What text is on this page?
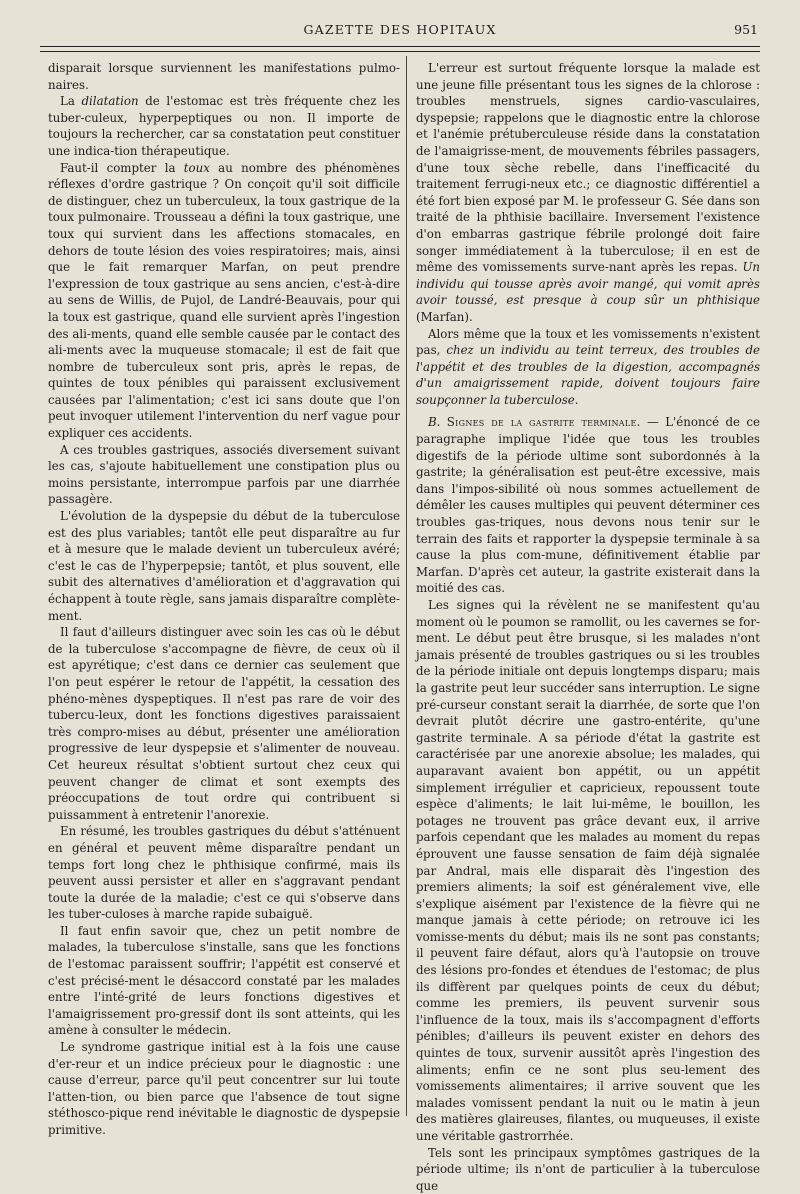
GAZETTE DES HOPITAUX	951

disparait lorsque surviennent les manifestations pulmo-naires.

La dilatation de l'estomac est très fréquente chez les tuber-culeux, hyperpeptiques ou non. Il importe de toujours la rechercher, car sa constatation peut constituer une indica-tion thérapeutique.

Faut-il compter la toux au nombre des phénomènes réflexes d'ordre gastrique ? On conçoit qu'il soit difficile de distinguer, chez un tuberculeux, la toux gastrique de la toux pulmonaire. Trousseau a défini la toux gastrique, une toux qui survient dans les affections stomacales, en dehors de toute lésion des voies respiratoires; mais, ainsi que le fait remarquer Marfan, on peut prendre l'expression de toux gastrique au sens ancien, c'est-à-dire au sens de Willis, de Pujol, de Landré-Beauvais, pour qui la toux est gastrique, quand elle survient après l'ingestion des ali-ments, quand elle semble causée par le contact des ali-ments avec la muqueuse stomacale; il est de fait que nombre de tuberculeux sont pris, après le repas, de quintes de toux pénibles qui paraissent exclusivement causées par l'alimentation; c'est ici sans doute que l'on peut invoquer utilement l'intervention du nerf vague pour expliquer ces accidents.

A ces troubles gastriques, associés diversement suivant les cas, s'ajoute habituellement une constipation plus ou moins persistante, interrompue parfois par une diarrhée passagère.

L'évolution de la dyspepsie du début de la tuberculose est des plus variables; tantôt elle peut disparaître au fur et à mesure que le malade devient un tuberculeux avéré; c'est le cas de l'hyperpepsie; tantôt, et plus souvent, elle subit des alternatives d'amélioration et d'aggravation qui échappent à toute règle, sans jamais disparaître complète-ment.

Il faut d'ailleurs distinguer avec soin les cas où le début de la tuberculose s'accompagne de fièvre, de ceux où il est apyrétique; c'est dans ce dernier cas seulement que l'on peut espérer le retour de l'appétit, la cessation des phéno-mènes dyspeptiques. Il n'est pas rare de voir des tubercu-leux, dont les fonctions digestives paraissaient très compro-mises au début, présenter une amélioration progressive de leur dyspepsie et s'alimenter de nouveau. Cet heureux résultat s'obtient surtout chez ceux qui peuvent changer de climat et sont exempts des préoccupations de tout ordre qui contribuent si puissamment à entretenir l'anorexie.

En résumé, les troubles gastriques du début s'atténuent en général et peuvent même disparaître pendant un temps fort long chez le phthisique confirmé, mais ils peuvent aussi persister et aller en s'aggravant pendant toute la durée de la maladie; c'est ce qui s'observe dans les tuber-culoses à marche rapide subaiguë.

Il faut enfin savoir que, chez un petit nombre de malades, la tuberculose s'installe, sans que les fonctions de l'estomac paraissent souffrir; l'appétit est conservé et c'est précisé-ment le désaccord constaté par les malades entre l'inté-grité de leurs fonctions digestives et l'amaigrissement pro-gressif dont ils sont atteints, qui les amène à consulter le médecin.

Le syndrome gastrique initial est à la fois une cause d'er-reur et un indice précieux pour le diagnostic : une cause d'erreur, parce qu'il peut concentrer sur lui toute l'atten-tion, ou bien parce que l'absence de tout signe stéthosco-pique rend inévitable le diagnostic de dyspepsie primitive.

L'erreur est surtout fréquente lorsque la malade est une jeune fille présentant tous les signes de la chlorose : troubles menstruels, signes cardio-vasculaires, dyspepsie; rappelons que le diagnostic entre la chlorose et l'anémie prétuberculeuse réside dans la constatation de l'amaigrisse-ment, de mouvements fébriles passagers, d'une toux sèche rebelle, dans l'inefficacité du traitement ferrugi-neux etc.; ce diagnostic différentiel a été fort bien exposé par M. le professeur G. Sée dans son traité de la phthisie bacillaire. Inversement l'existence d'on embarras gastrique fébrile prolongé doit faire songer immédiatement à la tuberculose; il en est de même des vomissements surve-nant après les repas. Un individu qui tousse après avoir mangé, qui vomit après avoir toussé, est presque à coup sûr un phthisique (Marfan).

Alors même que la toux et les vomissements n'existent pas, chez un individu au teint terreux, des troubles de l'appétit et des troubles de la digestion, accompagnés d'un amaigrissement rapide, doivent toujours faire soupçonner la tuberculose.

B. Signes de la gastrite terminale. — L'énoncé de ce paragraphe implique l'idée que tous les troubles digestifs de la période ultime sont subordonnés à la gastrite; la généralisation est peut-être excessive, mais dans l'impos-sibilité où nous sommes actuellement de démêler les causes multiples qui peuvent déterminer ces troubles gas-triques, nous devons nous tenir sur le terrain des faits et rapporter la dyspepsie terminale à sa cause la plus com-mune, définitivement établie par Marfan. D'après cet auteur, la gastrite existerait dans la moitié des cas.

Les signes qui la révèlent ne se manifestent qu'au moment où le poumon se ramollit, ou les cavernes se for-ment. Le début peut être brusque, si les malades n'ont jamais présenté de troubles gastriques ou si les troubles de la période initiale ont depuis longtemps disparu; mais la gastrite peut leur succéder sans interruption. Le signe pré-curseur constant serait la diarrhée, de sorte que l'on devrait plutôt décrire une gastro-entérite, qu'une gastrite terminale. A sa période d'état la gastrite est caractérisée par une anorexie absolue; les malades, qui auparavant avaient bon appétit, ou un appétit simplement irrégulier et capricieux, repoussent toute espèce d'aliments; le lait lui-même, le bouillon, les potages ne trouvent pas grâce devant eux, il arrive parfois cependant que les malades au moment du repas éprouvent une fausse sensation de faim déjà signalée par Andral, mais elle disparait dès l'ingestion des premiers aliments; la soif est généralement vive, elle s'explique aisément par l'existence de la fièvre qui ne manque jamais à cette période; on retrouve ici les vomisse-ments du début; mais ils ne sont pas constants; il peuvent faire défaut, alors qu'à l'autopsie on trouve des lésions pro-fondes et étendues de l'estomac; de plus ils diffèrent par quelques points de ceux du début; comme les premiers, ils peuvent survenir sous l'influence de la toux, mais ils s'accompagnent d'efforts pénibles; d'ailleurs ils peuvent exister en dehors des quintes de toux, survenir aussitôt après l'ingestion des aliments; enfin ce ne sont plus seu-lement des vomissements alimentaires; il arrive souvent que les malades vomissent pendant la nuit ou le matin à jeun des matières glaireuses, filantes, ou muqueuses, il existe une véritable gastrorrhée.

Tels sont les principaux symptômes gastriques de la période ultime; ils n'ont de particulier à la tuberculose que
